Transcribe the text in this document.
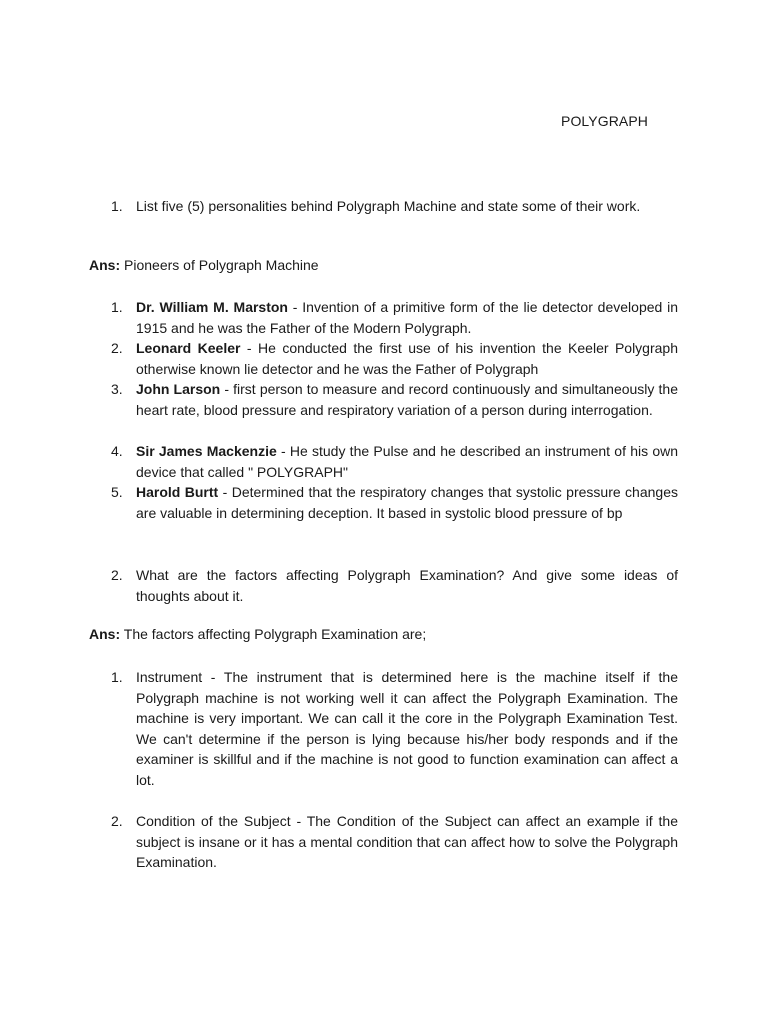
POLYGRAPH
1. List five (5) personalities behind Polygraph Machine and state some of their work.
Ans: Pioneers of Polygraph Machine
1. Dr. William M. Marston - Invention of a primitive form of the lie detector developed in 1915 and he was the Father of the Modern Polygraph.
2. Leonard Keeler - He conducted the first use of his invention the Keeler Polygraph otherwise known lie detector and he was the Father of Polygraph
3. John Larson - first person to measure and record continuously and simultaneously the heart rate, blood pressure and respiratory variation of a person during interrogation.
4. Sir James Mackenzie - He study the Pulse and he described an instrument of his own device that called " POLYGRAPH"
5. Harold Burtt - Determined that the respiratory changes that systolic pressure changes are valuable in determining deception. It based in systolic blood pressure of bp
2. What are the factors affecting Polygraph Examination? And give some ideas of thoughts about it.
Ans: The factors affecting Polygraph Examination are;
1. Instrument - The instrument that is determined here is the machine itself if the Polygraph machine is not working well it can affect the Polygraph Examination. The machine is very important. We can call it the core in the Polygraph Examination Test. We can't determine if the person is lying because his/her body responds and if the examiner is skillful and if the machine is not good to function examination can affect a lot.
2. Condition of the Subject - The Condition of the Subject can affect an example if the subject is insane or it has a mental condition that can affect how to solve the Polygraph Examination.
